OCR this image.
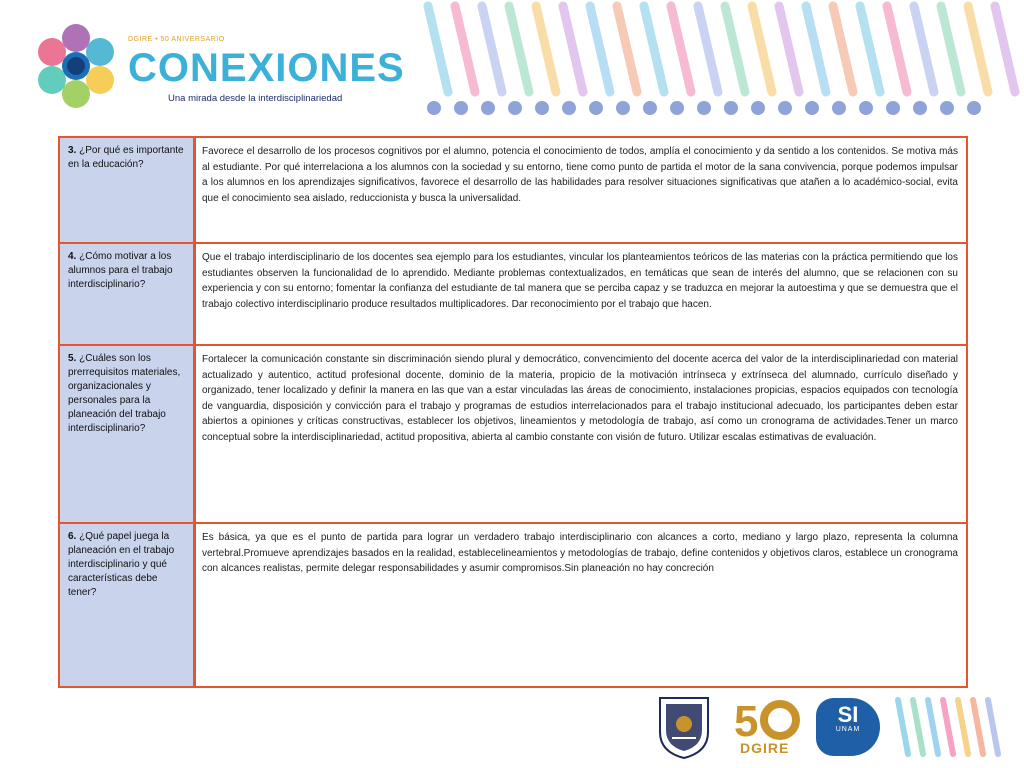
DGIRE • 50 ANIVERSARIO
CONEXIONES
Una mirada desde la interdisciplinariedad
3. ¿Por qué es importante en la educación?
Favorece el desarrollo de los procesos cognitivos por el alumno, potencia el conocimiento de todos, amplía el conocimiento y da sentido a los contenidos. Se motiva más al estudiante. Por qué interrelaciona a los alumnos con la sociedad y su entorno, tiene como punto de partida el motor de la sana convivencia, porque podemos impulsar a los alumnos en los aprendizajes significativos, favorece el desarrollo de las habilidades para resolver situaciones significativas que atañen a lo académico-social, evita que el conocimiento sea aislado, reduccionista y busca la universalidad.
4. ¿Cómo motivar a los alumnos para el trabajo interdisciplinario?
Que el trabajo interdisciplinario de los docentes sea ejemplo para los estudiantes, vincular los planteamientos teóricos de las materias con la práctica permitiendo que los estudiantes observen la funcionalidad de lo aprendido. Mediante problemas contextualizados, en temáticas que sean de interés del alumno, que se relacionen con su experiencia y con su entorno; fomentar la confianza del estudiante de tal manera que se perciba capaz y se traduzca en mejorar la autoestima y que se demuestra que el trabajo colectivo interdisciplinario produce resultados multiplicadores. Dar reconocimiento por el trabajo que hacen.
5. ¿Cuáles son los prerrequisitos materiales, organizacionales y personales para la planeación del trabajo interdisciplinario?
Fortalecer la comunicación constante sin discriminación siendo plural y democrático, convencimiento del docente acerca del valor de la interdisciplinariedad con material actualizado y autentico, actitud profesional docente, dominio de la materia, propicio de la motivación intrínseca y extrínseca del alumnado, currículo diseñado y organizado, tener localizado y definir la manera en las que van a estar vinculadas las áreas de conocimiento, instalaciones propicias, espacios equipados con tecnología de vanguardia, disposición y convicción para el trabajo y programas de estudios interrelacionados para el trabajo institucional adecuado, los participantes deben estar abiertos a opiniones y críticas constructivas, establecer los objetivos, lineamientos y metodología de trabajo, así como un cronograma de actividades.Tener un marco conceptual sobre la interdisciplinariedad, actitud propositiva, abierta al cambio constante con visión de futuro. Utilizar escalas estimativas de evaluación.
6. ¿Qué papel juega la planeación en el trabajo interdisciplinario y qué características debe tener?
Es básica, ya que es el punto de partida para lograr un verdadero trabajo interdisciplinario con alcances a corto, mediano y largo plazo, representa la columna vertebral.Promueve aprendizajes basados en la realidad, establecelineamientos y metodologías de trabajo, define contenidos y objetivos claros, establece un cronograma con alcances realistas, permite delegar responsabilidades y asumir compromisos.Sin planeación no hay concreción
5
DGIRE
SI
UNAM
